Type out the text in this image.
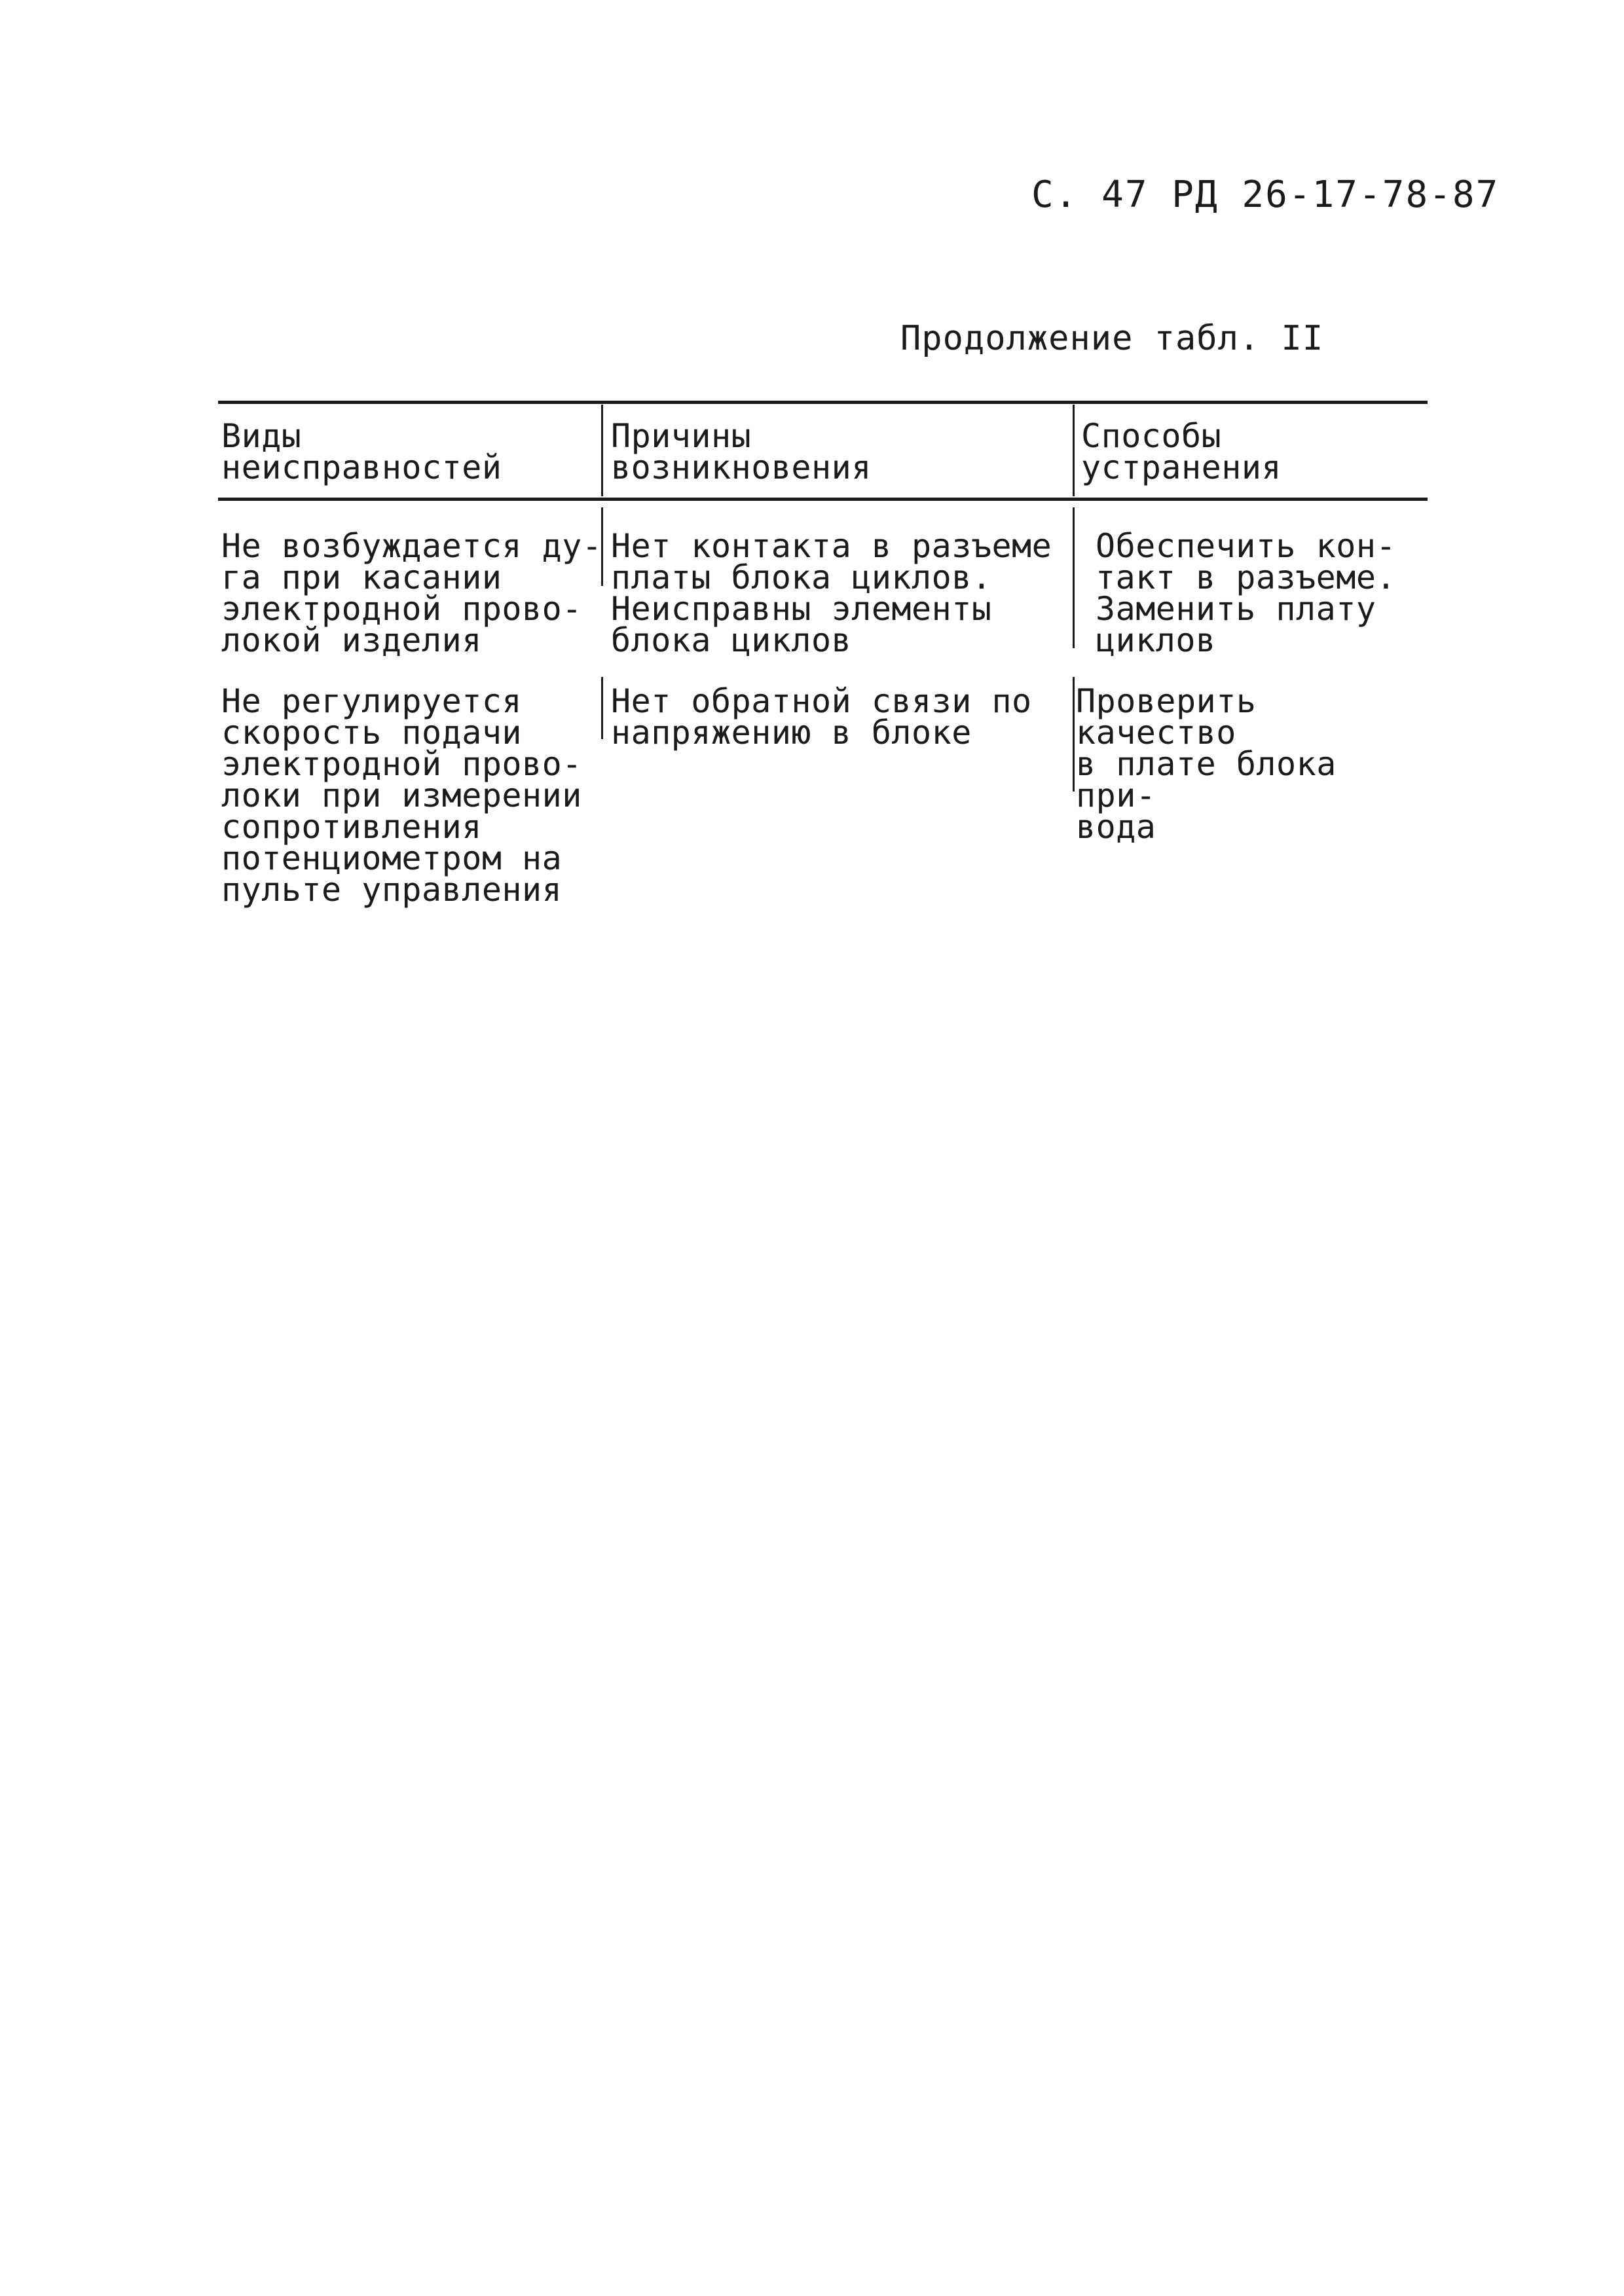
С. 47 РД 26-17-78-87
Продолжение табл. II
Виды
неисправностей
Причины
возникновения
Способы
устранения
Не возбуждается ду-
га при касании
электродной прово-
локой изделия
Нет контакта в разъеме
платы блока циклов.
Неисправны элементы
блока циклов
Обеспечить кон-
такт в разъеме.
Заменить плату
циклов
Не регулируется
скорость подачи
электродной прово-
локи при измерении
сопротивления
потенциометром на
пульте управления
Нет обратной связи по
напряжению в блоке
Проверить качество
в плате блока при-
вода
